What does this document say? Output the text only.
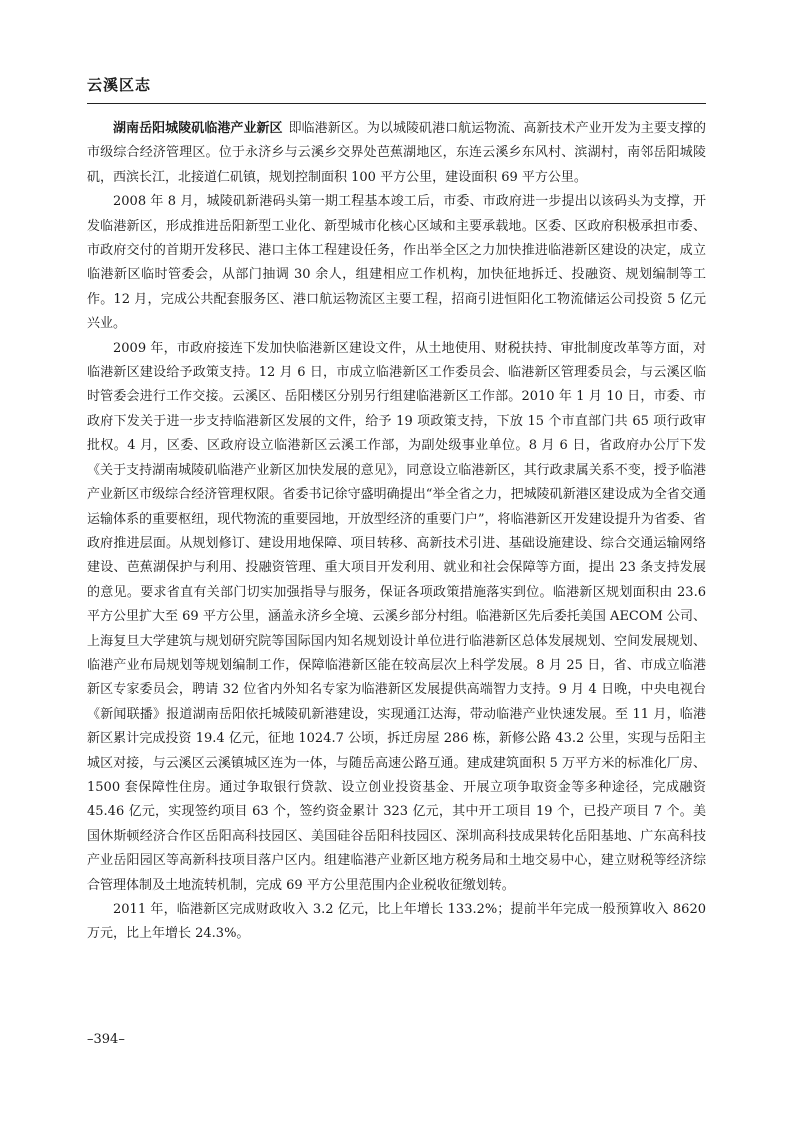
云溪区志

湖南岳阳城陵矶临港产业新区 即临港新区。为以城陵矶港口航运物流、高新技术产业开发为主要支撑的市级综合经济管理区。位于永济乡与云溪乡交界处芭蕉湖地区，东连云溪乡东风村、滨湖村，南邻岳阳城陵矶，西滨长江，北接道仁矶镇，规划控制面积 100 平方公里，建设面积 69 平方公里。

2008 年 8 月，城陵矶新港码头第一期工程基本竣工后，市委、市政府进一步提出以该码头为支撑，开发临港新区，形成推进岳阳新型工业化、新型城市化核心区域和主要承载地。区委、区政府积极承担市委、市政府交付的首期开发移民、港口主体工程建设任务，作出举全区之力加快推进临港新区建设的决定，成立临港新区临时管委会，从部门抽调 30 余人，组建相应工作机构，加快征地拆迁、投融资、规划编制等工作。12 月，完成公共配套服务区、港口航运物流区主要工程，招商引进恒阳化工物流储运公司投资 5 亿元兴业。

2009 年，市政府接连下发加快临港新区建设文件，从土地使用、财税扶持、审批制度改革等方面，对临港新区建设给予政策支持。12 月 6 日，市成立临港新区工作委员会、临港新区管理委员会，与云溪区临时管委会进行工作交接。云溪区、岳阳楼区分别另行组建临港新区工作部。2010 年 1 月 10 日，市委、市政府下发关于进一步支持临港新区发展的文件，给予 19 项政策支持，下放 15 个市直部门共 65 项行政审批权。4 月，区委、区政府设立临港新区云溪工作部，为副处级事业单位。8 月 6 日，省政府办公厅下发《关于支持湖南城陵矶临港产业新区加快发展的意见》，同意设立临港新区，其行政隶属关系不变，授予临港产业新区市级综合经济管理权限。省委书记徐守盛明确提出“举全省之力，把城陵矶新港区建设成为全省交通运输体系的重要枢纽，现代物流的重要园地，开放型经济的重要门户”，将临港新区开发建设提升为省委、省政府推进层面。从规划修订、建设用地保障、项目转移、高新技术引进、基础设施建设、综合交通运输网络建设、芭蕉湖保护与利用、投融资管理、重大项目开发利用、就业和社会保障等方面，提出 23 条支持发展的意见。要求省直有关部门切实加强指导与服务，保证各项政策措施落实到位。临港新区规划面积由 23.6 平方公里扩大至 69 平方公里，涵盖永济乡全境、云溪乡部分村组。临港新区先后委托美国 AECOM 公司、上海复旦大学建筑与规划研究院等国际国内知名规划设计单位进行临港新区总体发展规划、空间发展规划、临港产业布局规划等规划编制工作，保障临港新区能在较高层次上科学发展。8 月 25 日，省、市成立临港新区专家委员会，聘请 32 位省内外知名专家为临港新区发展提供高端智力支持。9 月 4 日晚，中央电视台《新闻联播》报道湖南岳阳依托城陵矶新港建设，实现通江达海，带动临港产业快速发展。至 11 月，临港新区累计完成投资 19.4 亿元，征地 1024.7 公顷，拆迁房屋 286 栋，新修公路 43.2 公里，实现与岳阳主城区对接，与云溪区云溪镇城区连为一体，与随岳高速公路互通。建成建筑面积 5 万平方米的标准化厂房、1500 套保障性住房。通过争取银行贷款、设立创业投资基金、开展立项争取资金等多种途径，完成融资 45.46 亿元，实现签约项目 63 个，签约资金累计 323 亿元，其中开工项目 19 个，已投产项目 7 个。美国休斯顿经济合作区岳阳高科技园区、美国硅谷岳阳科技园区、深圳高科技成果转化岳阳基地、广东高科技产业岳阳园区等高新科技项目落户区内。组建临港产业新区地方税务局和土地交易中心，建立财税等经济综合管理体制及土地流转机制，完成 69 平方公里范围内企业税收征缴划转。

2011 年，临港新区完成财政收入 3.2 亿元，比上年增长 133.2%；提前半年完成一般预算收入 8620 万元，比上年增长 24.3%。

–394–
